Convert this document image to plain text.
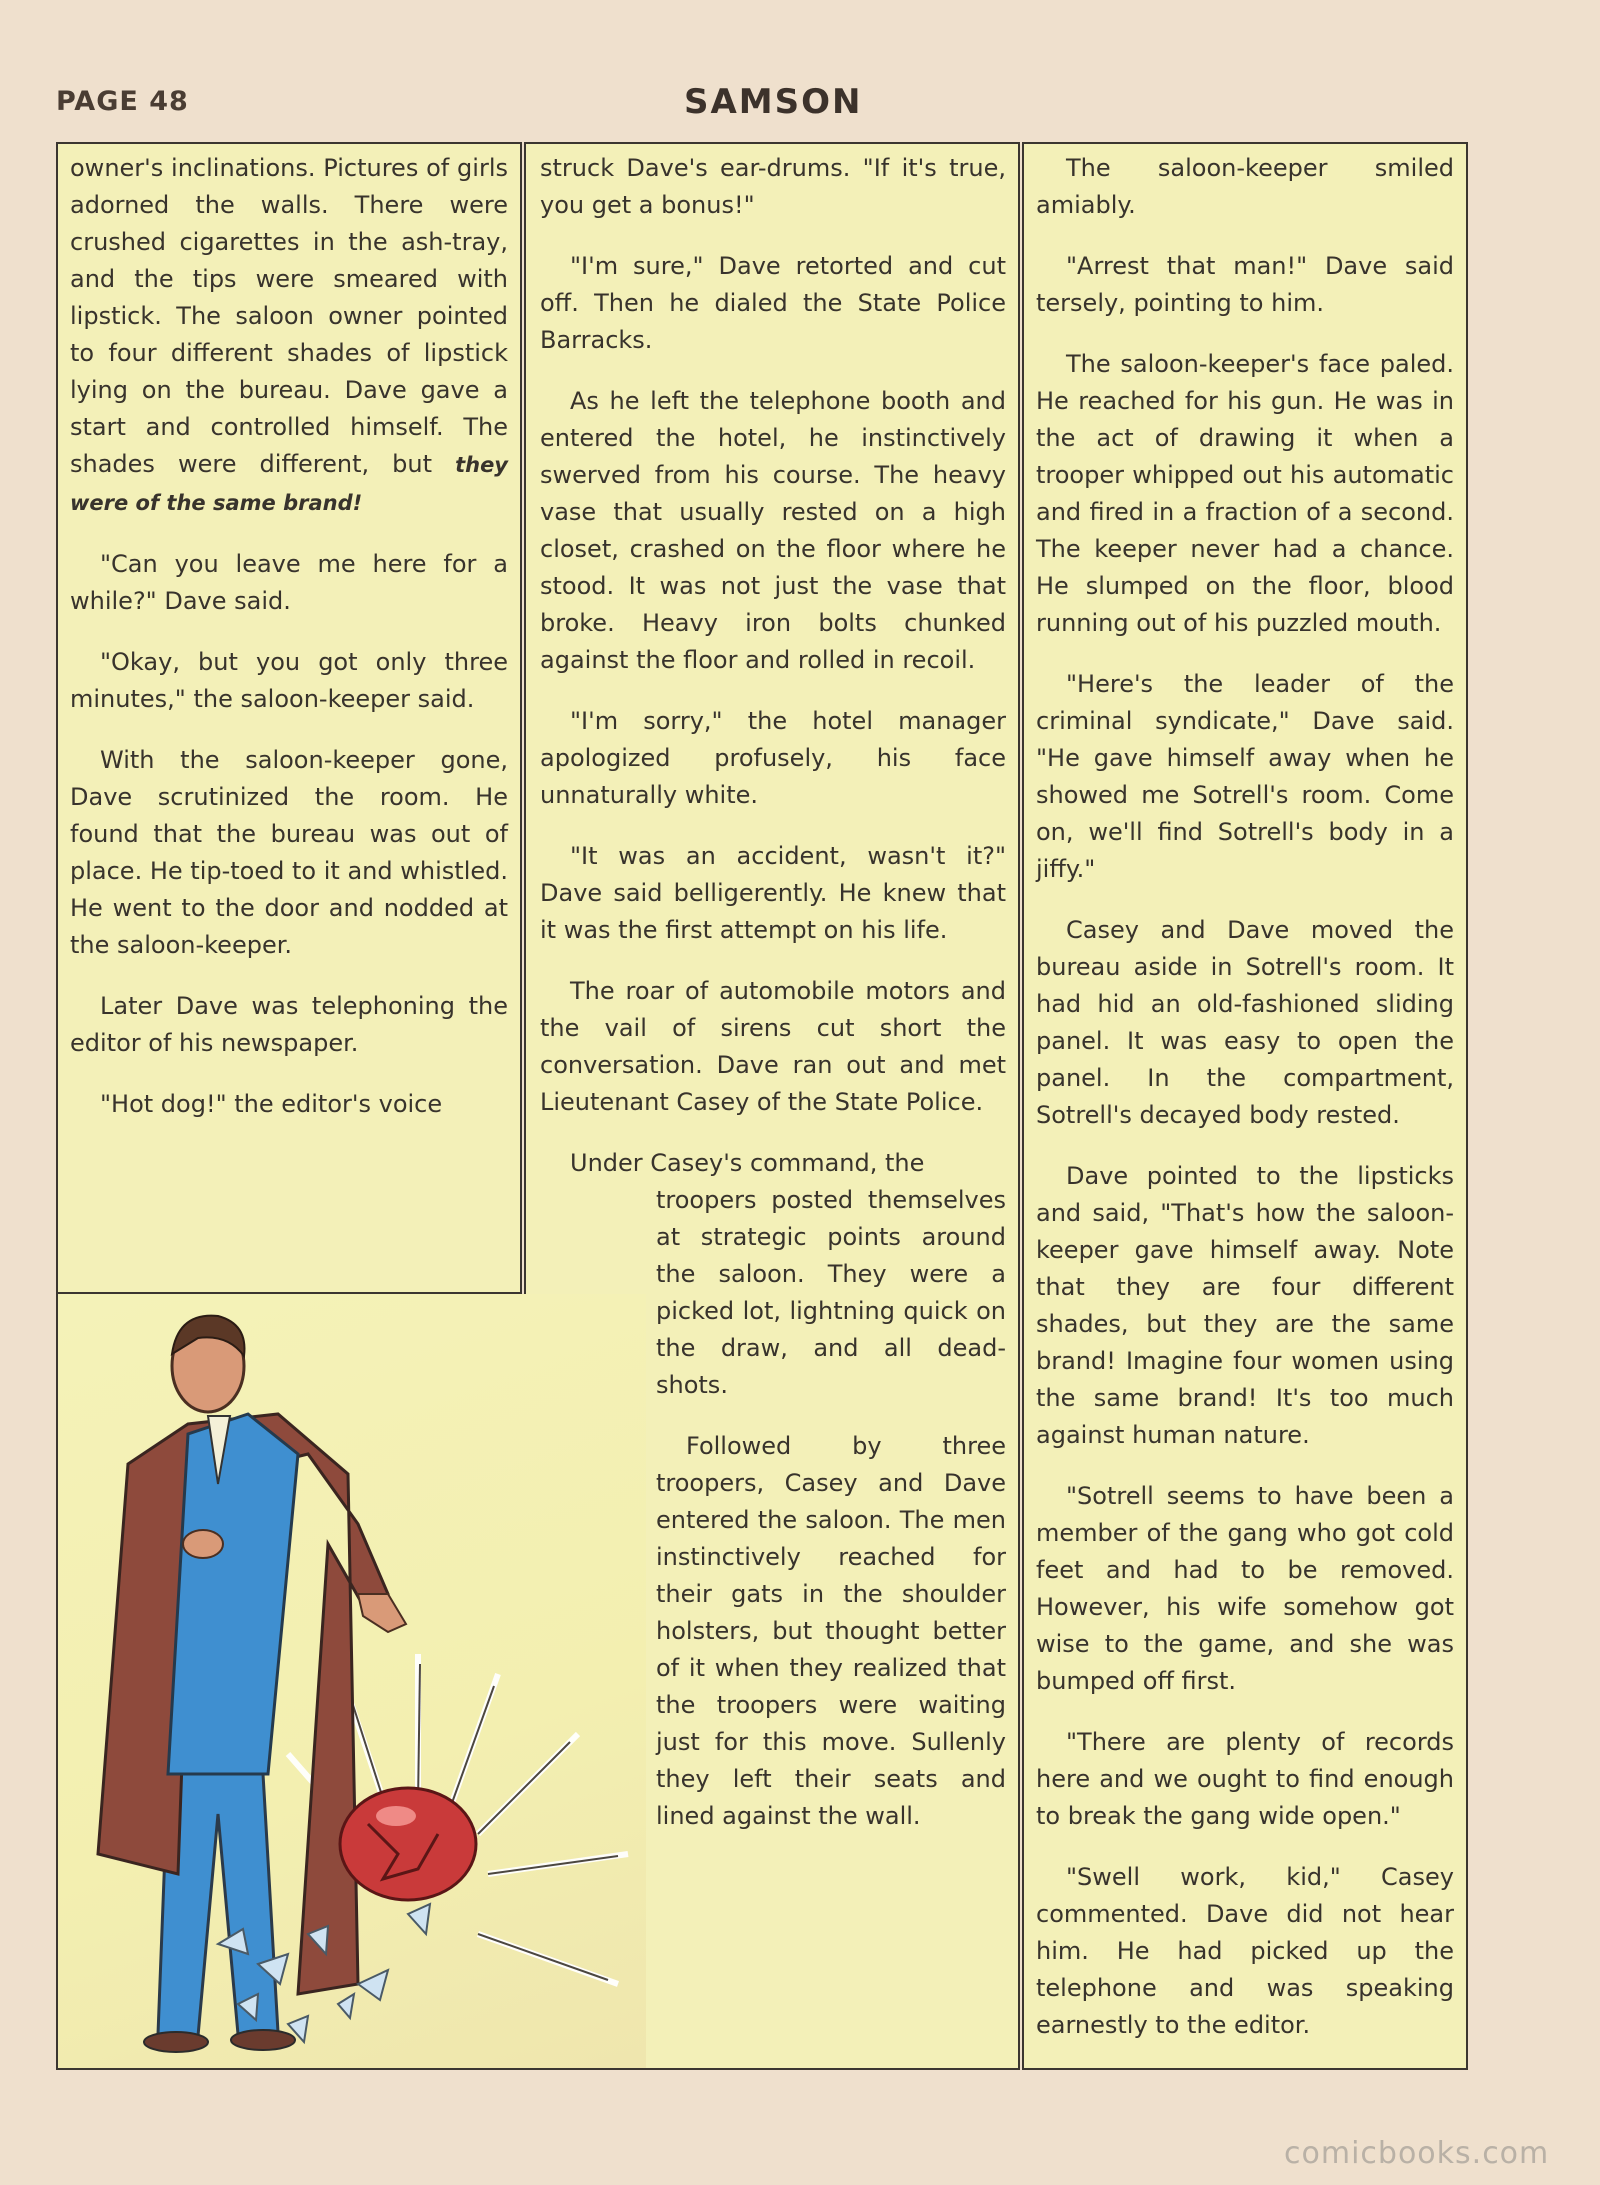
PAGE 48	SAMSON

owner's inclinations. Pictures of girls adorned the walls. There were crushed cigarettes in the ash-tray, and the tips were smeared with lipstick. The saloon owner pointed to four different shades of lipstick lying on the bureau. Dave gave a start and controlled himself. The shades were different, but they were of the same brand!

"Can you leave me here for a while?" Dave said.

"Okay, but you got only three minutes," the saloon-keeper said.

With the saloon-keeper gone, Dave scrutinized the room. He found that the bureau was out of place. He tip-toed to it and whistled. He went to the door and nodded at the saloon-keeper.

Later Dave was telephoning the editor of his newspaper.

"Hot dog!" the editor's voice

struck Dave's ear-drums. "If it's true, you get a bonus!"

"I'm sure," Dave retorted and cut off. Then he dialed the State Police Barracks.

As he left the telephone booth and entered the hotel, he instinctively swerved from his course. The heavy vase that usually rested on a high closet, crashed on the floor where he stood. It was not just the vase that broke. Heavy iron bolts chunked against the floor and rolled in recoil.

"I'm sorry," the hotel manager apologized profusely, his face unnaturally white.

"It was an accident, wasn't it?" Dave said belligerently. He knew that it was the first attempt on his life.

The roar of automobile motors and the vail of sirens cut short the conversation. Dave ran out and met Lieutenant Casey of the State Police.

Under Casey's command, the

troopers posted themselves at strategic points around the saloon. They were a picked lot, lightning quick on the draw, and all dead-shots.

Followed by three troopers, Casey and Dave entered the saloon. The men instinctively reached for their gats in the shoulder holsters, but thought better of it when they realized that the troopers were waiting just for this move. Sullenly they left their seats and lined against the wall.

The saloon-keeper smiled amiably.

"Arrest that man!" Dave said tersely, pointing to him.

The saloon-keeper's face paled. He reached for his gun. He was in the act of drawing it when a trooper whipped out his automatic and fired in a fraction of a second. The keeper never had a chance. He slumped on the floor, blood running out of his puzzled mouth.

"Here's the leader of the criminal syndicate," Dave said. "He gave himself away when he showed me Sotrell's room. Come on, we'll find Sotrell's body in a jiffy."

Casey and Dave moved the bureau aside in Sotrell's room. It had hid an old-fashioned sliding panel. It was easy to open the panel. In the compartment, Sotrell's decayed body rested.

Dave pointed to the lipsticks and said, "That's how the saloon-keeper gave himself away. Note that they are four different shades, but they are the same brand! Imagine four women using the same brand! It's too much against human nature.

"Sotrell seems to have been a member of the gang who got cold feet and had to be removed. However, his wife somehow got wise to the game, and she was bumped off first.

"There are plenty of records here and we ought to find enough to break the gang wide open."

"Swell work, kid," Casey commented. Dave did not hear him. He had picked up the telephone and was speaking earnestly to the editor.

comicbooks.com
